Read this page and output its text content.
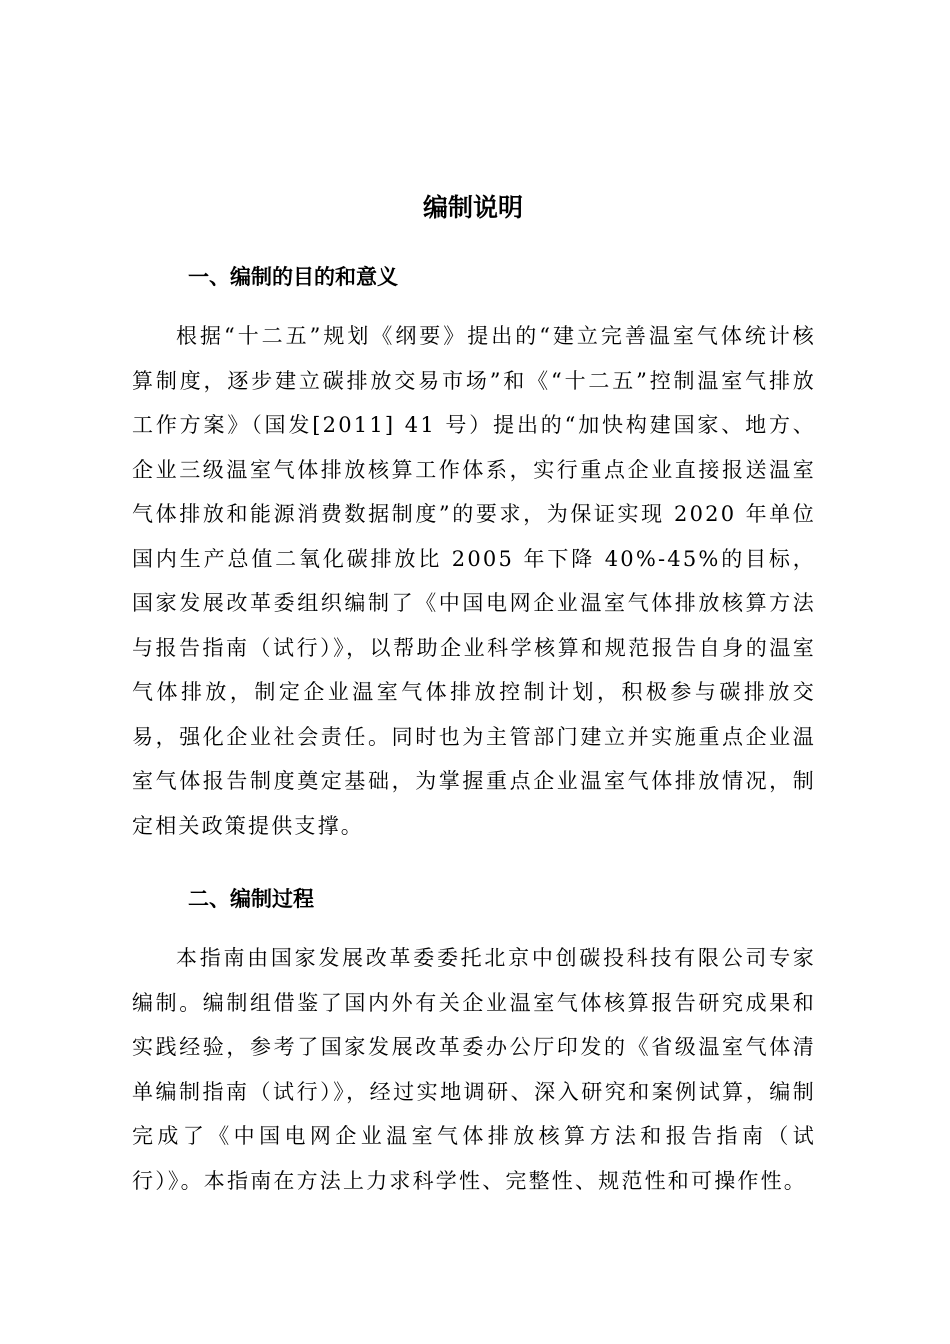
编制说明
一、编制的目的和意义

根据“十二五”规划《纲要》提出的“建立完善温室气体统计核算制度，逐步建立碳排放交易市场”和《“十二五”控制温室气排放工作方案》（国发[2011] 41 号）提出的“加快构建国家、地方、企业三级温室气体排放核算工作体系，实行重点企业直接报送温室气体排放和能源消费数据制度”的要求，为保证实现 2020 年单位国内生产总值二氧化碳排放比 2005 年下降 40%-45%的目标，国家发展改革委组织编制了《中国电网企业温室气体排放核算方法与报告指南（试行）》，以帮助企业科学核算和规范报告自身的温室气体排放，制定企业温室气体排放控制计划，积极参与碳排放交易，强化企业社会责任。同时也为主管部门建立并实施重点企业温室气体报告制度奠定基础，为掌握重点企业温室气体排放情况，制定相关政策提供支撑。

二、编制过程

本指南由国家发展改革委委托北京中创碳投科技有限公司专家编制。编制组借鉴了国内外有关企业温室气体核算报告研究成果和实践经验，参考了国家发展改革委办公厅印发的《省级温室气体清单编制指南（试行）》，经过实地调研、深入研究和案例试算，编制完成了《中国电网企业温室气体排放核算方法和报告指南（试行）》。本指南在方法上力求科学性、完整性、规范性和可操作性。
